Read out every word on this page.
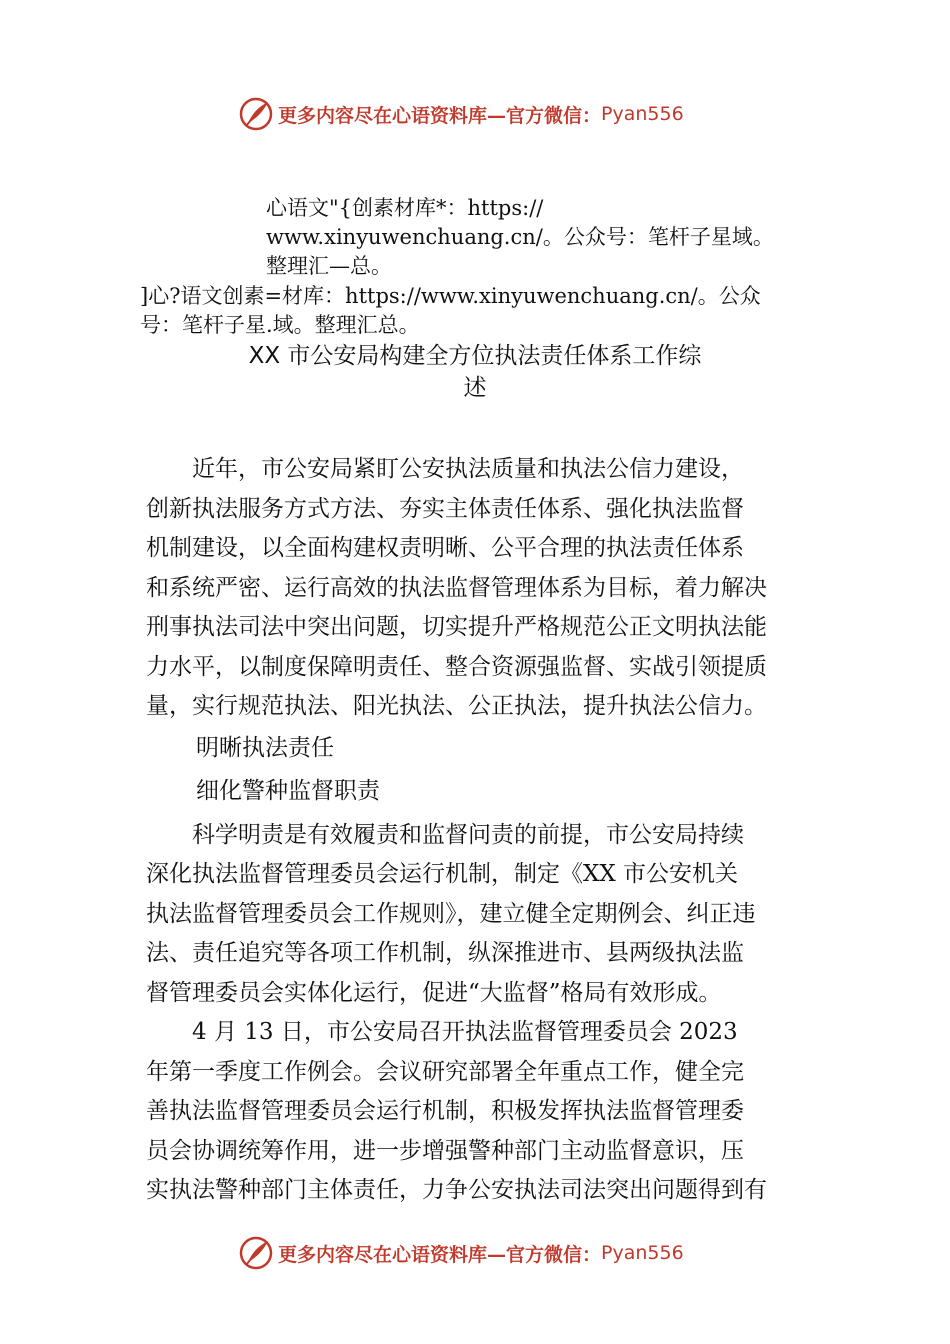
更多内容尽在心语资料库—官方微信： Pyan556
心语文"{创素材库*：https://
www.xinyuwenchuang.cn/。公众号：笔杆子星域。
整理汇—总。
]心?语文创素=材库：https://www.xinyuwenchuang.cn/。公众
号：笔杆子星.域。整理汇总。
XX 市公安局构建全方位执法责任体系工作综
述

近年，市公安局紧盯公安执法质量和执法公信力建设，

创新执法服务方式方法、夯实主体责任体系、强化执法监督

机制建设，以全面构建权责明晰、公平合理的执法责任体系

和系统严密、运行高效的执法监督管理体系为目标，着力解决

刑事执法司法中突出问题，切实提升严格规范公正文明执法能

力水平，以制度保障明责任、整合资源强监督、实战引领提质

量，实行规范执法、阳光执法、公正执法，提升执法公信力。

明晰执法责任

细化警种监督职责

科学明责是有效履责和监督问责的前提，市公安局持续

深化执法监督管理委员会运行机制，制定《XX 市公安机关

执法监督管理委员会工作规则》，建立健全定期例会、纠正违

法、责任追究等各项工作机制，纵深推进市、县两级执法监

督管理委员会实体化运行，促进“大监督”格局有效形成。

4 月 13 日，市公安局召开执法监督管理委员会 2023

年第一季度工作例会。会议研究部署全年重点工作，健全完

善执法监督管理委员会运行机制，积极发挥执法监督管理委

员会协调统筹作用，进一步增强警种部门主动监督意识，压

实执法警种部门主体责任，力争公安执法司法突出问题得到有

更多内容尽在心语资料库—官方微信： Pyan556
